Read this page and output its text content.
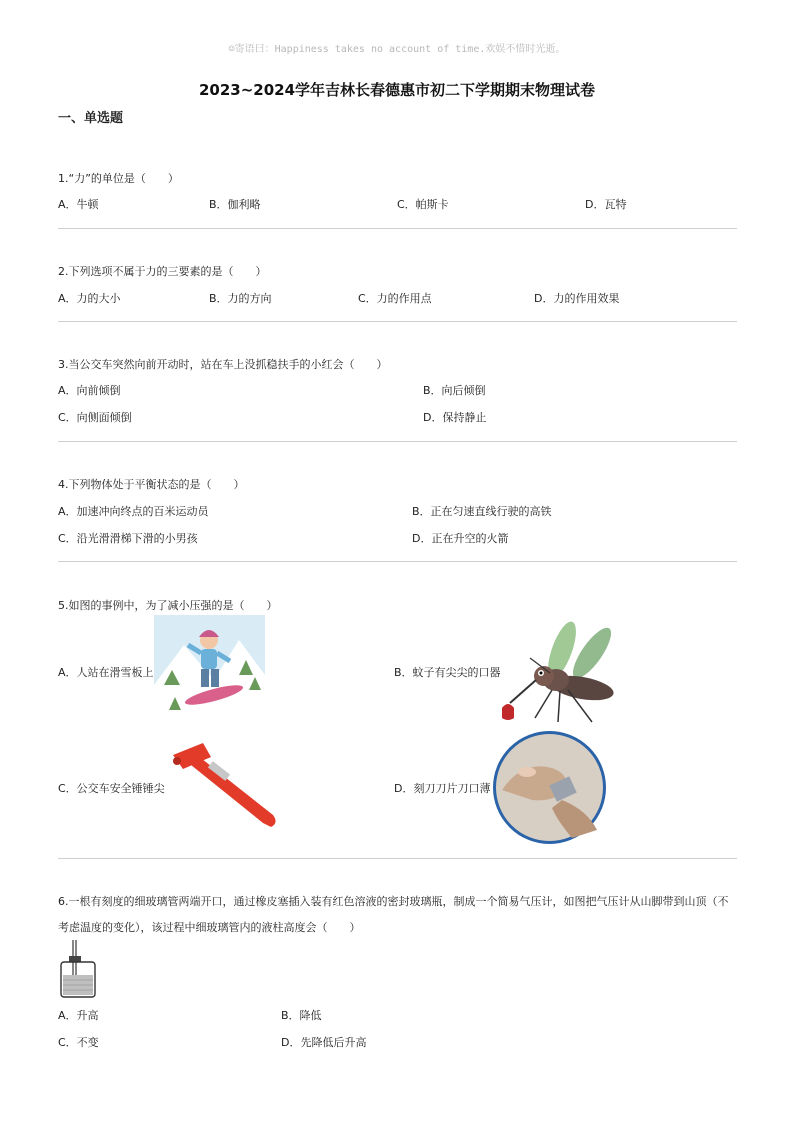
☺寄语曰：Happiness takes no account of time.欢娱不惜时光逝。
2023~2024学年吉林长春德惠市初二下学期期末物理试卷
一、单选题
1.“力”的单位是（　　）
A．牛顿	B．伽利略	C．帕斯卡	D．瓦特
2.下列选项不属于力的三要素的是（　　）
A．力的大小	B．力的方向	C．力的作用点	D．力的作用效果
3.当公交车突然向前开动时，站在车上没抓稳扶手的小红会（　　）
A．向前倾倒	B．向后倾倒
C．向侧面倾倒	D．保持静止
4.下列物体处于平衡状态的是（　　）
A．加速冲向终点的百米运动员	B．正在匀速直线行驶的高铁
C．沿光滑滑梯下滑的小男孩	D．正在升空的火箭
5.如图的事例中，为了减小压强的是（　　）
A．人站在滑雪板上	B．蚊子有尖尖的口器
C．公交车安全锤锤尖	D．刻刀刀片刀口薄
6.一根有刻度的细玻璃管两端开口，通过橡皮塞插入装有红色溶液的密封玻璃瓶，制成一个简易气压计，如图把气压计从山脚带到山顶（不
考虑温度的变化），该过程中细玻璃管内的液柱高度会（　　）
A．升高	B．降低
C．不变	D．先降低后升高
